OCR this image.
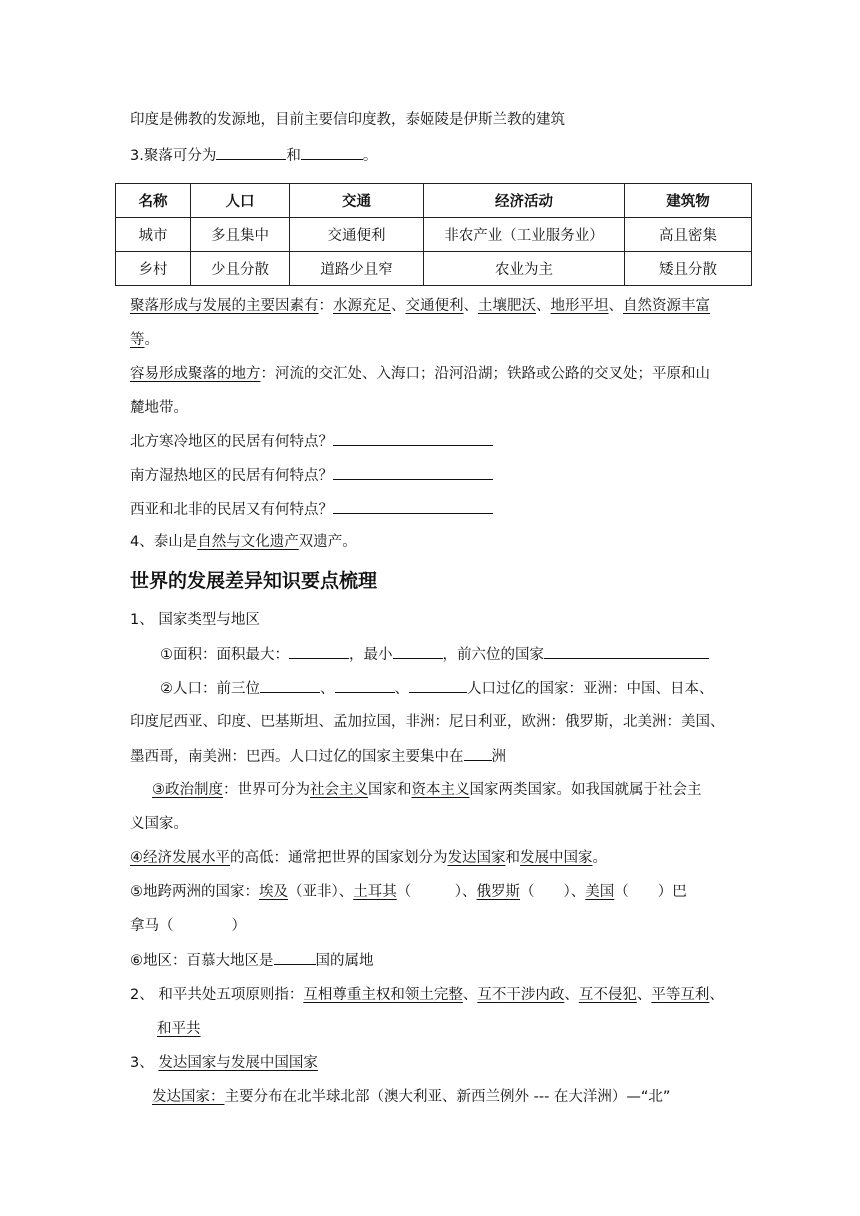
印度是佛教的发源地，目前主要信印度教，泰姬陵是伊斯兰教的建筑
3.聚落可分为	和	。
名称	人口	交通	经济活动	建筑物
城市	多且集中	交通便利	非农产业（工业服务业）	高且密集
乡村	少且分散	道路少且窄	农业为主	矮且分散
聚落形成与发展的主要因素有：水源充足、交通便利、土壤肥沃、地形平坦、自然资源丰富
等。
容易形成聚落的地方：河流的交汇处、入海口；沿河沿湖；铁路或公路的交叉处；平原和山
麓地带。
北方寒冷地区的民居有何特点？
南方湿热地区的民居有何特点？
西亚和北非的民居又有何特点？
4、泰山是自然与文化遗产双遗产。
世界的发展差异知识要点梳理
1、 国家类型与地区
①面积：面积最大：	，最小	，前六位的国家
②人口：前三位	、	、	人口过亿的国家：亚洲：中国、日本、
印度尼西亚、印度、巴基斯坦、孟加拉国，非洲：尼日利亚，欧洲：俄罗斯，北美洲：美国、
墨西哥，南美洲：巴西。人口过亿的国家主要集中在 洲
③政治制度：世界可分为社会主义国家和资本主义国家两类国家。如我国就属于社会主
义国家。
④经济发展水平的高低：通常把世界的国家划分为发达国家和发展中国家。
⑤地跨两洲的国家：埃及（亚非）、土耳其（　　　）、俄罗斯（　　）、美国（　　）巴
拿马（　　　　）
⑥地区：百慕大地区是	国的属地
2、 和平共处五项原则指：互相尊重主权和领土完整、互不干涉内政、互不侵犯、平等互利、
和平共
3、 发达国家与发展中国国家
发达国家：主要分布在北半球北部（澳大利亚、新西兰例外 --- 在大洋洲）—“北”
